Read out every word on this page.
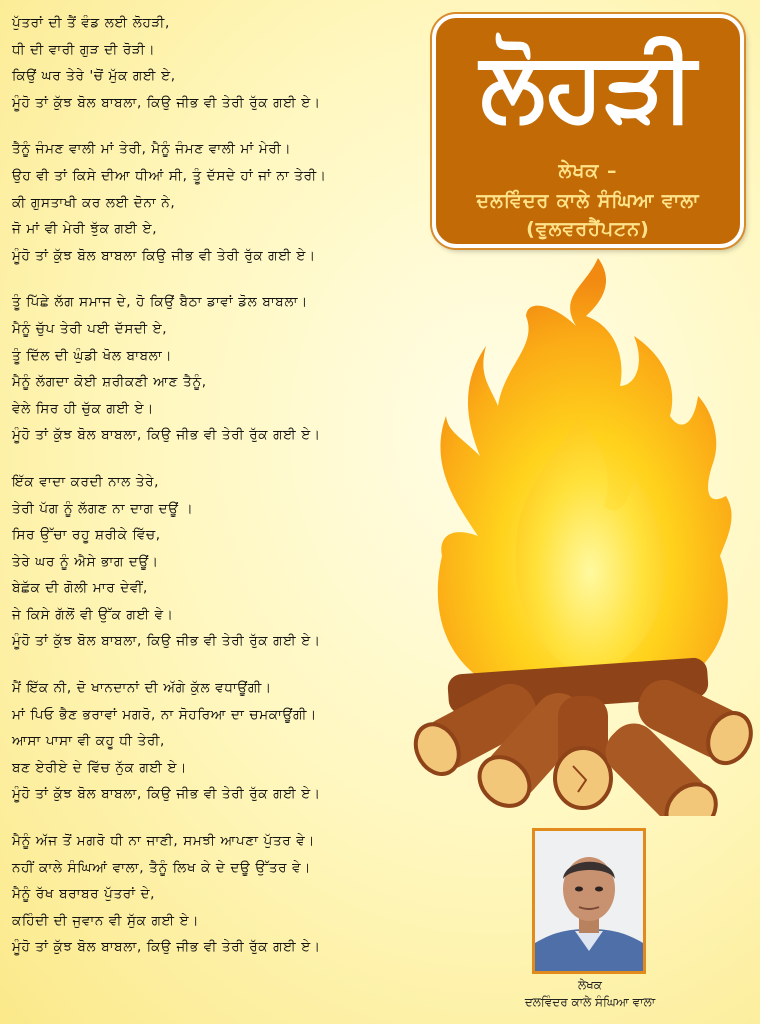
ਪੁੱਤਰਾਂ ਦੀ ਤੈਂ ਵੰਡ ਲਈ ਲੋਹੜੀ,
ਧੀ ਦੀ ਵਾਰੀ ਗੁੜ ਦੀ ਰੋੜੀ।
ਕਿਉਂ ਘਰ ਤੇਰੇ 'ਚੋਂ ਮੁੱਕ ਗਈ ਏ,
ਮੂੰਹੋ ਤਾਂ ਕੁੱਝ ਬੋਲ ਬਾਬਲਾ, ਕਿਉ ਜੀਭ ਵੀ ਤੇਰੀ ਰੁੱਕ ਗਈ ਏ।
ਤੈਨੂੰ ਜੰਮਣ ਵਾਲੀ ਮਾਂ ਤੇਰੀ, ਮੈਨੂੰ ਜੰਮਣ ਵਾਲੀ ਮਾਂ ਮੇਰੀ।
ਉਹ ਵੀ ਤਾਂ ਕਿਸੇ ਦੀਆ ਧੀਆਂ ਸੀ, ਤੂੰ ਦੱਸਦੇ ਹਾਂ ਜਾਂ ਨਾ ਤੇਰੀ।
ਕੀ ਗੁਸਤਾਖੀ ਕਰ ਲਈ ਦੋਨਾ ਨੇ,
ਜੋ ਮਾਂ ਵੀ ਮੇਰੀ ਝੁੱਕ ਗਈ ਏ,
ਮੂੰਹੋ ਤਾਂ ਕੁੱਝ ਬੋਲ ਬਾਬਲਾ ਕਿਉ ਜੀਭ ਵੀ ਤੇਰੀ ਰੁੱਕ ਗਈ ਏ।
ਤੂੰ ਪਿੱਛੇ ਲੱਗ ਸਮਾਜ ਦੇ, ਹੋ ਕਿਉਂ ਬੈਠਾ ਡਾਵਾਂ ਡੋਲ ਬਾਬਲਾ।
ਮੈਨੂੰ ਚੁੱਪ ਤੇਰੀ ਪਈ ਦੱਸਦੀ ਏ,
ਤੂੰ ਦਿੱਲ ਦੀ ਘੁੰਡੀ ਖੋਲ ਬਾਬਲਾ।
ਮੈਨੂੰ ਲੱਗਦਾ ਕੋਈ ਸ਼ਰੀਕਣੀ ਆਣ ਤੈਨੂੰ,
ਵੇਲੇ ਸਿਰ ਹੀ ਚੁੱਕ ਗਈ ਏ।
ਮੂੰਹੋ ਤਾਂ ਕੁੱਝ ਬੋਲ ਬਾਬਲਾ, ਕਿਉ ਜੀਭ ਵੀ ਤੇਰੀ ਰੁੱਕ ਗਈ ਏ।
ਇੱਕ ਵਾਦਾ ਕਰਦੀ ਨਾਲ ਤੇਰੇ,
ਤੇਰੀ ਪੱਗ ਨੂੰ ਲੱਗਣ ਨਾ ਦਾਗ ਦਊਂ ।
ਸਿਰ ਉੱਚਾ ਰਹੂ ਸ਼ਰੀਕੇ ਵਿੱਚ,
ਤੇਰੇ ਘਰ ਨੂੰ ਐਸੇ ਭਾਗ ਦਊਂ।
ਬੇਛੱਕ ਦੀ ਗੋਲੀ ਮਾਰ ਦੇਵੀਂ,
ਜੇ ਕਿਸੇ ਗੱਲੋਂ ਵੀ ਉੱਕ ਗਈ ਵੇ।
ਮੂੰਹੋ ਤਾਂ ਕੁੱਝ ਬੋਲ ਬਾਬਲਾ, ਕਿਉ ਜੀਭ ਵੀ ਤੇਰੀ ਰੁੱਕ ਗਈ ਏ।
ਮੈਂ ਇੱਕ ਨੀ, ਦੋ ਖਾਨਦਾਨਾਂ ਦੀ ਅੱਗੇ ਕੁੱਲ ਵਧਾਊਂਗੀ।
ਮਾਂ ਪਿਓ ਭੈਣ ਭਰਾਵਾਂ ਮਗਰੋ, ਨਾ ਸੋਹਰਿਆ ਦਾ ਚਮਕਾਊਂਗੀ।
ਆਸਾ ਪਾਸਾ ਵੀ ਕਹੂ ਧੀ ਤੇਰੀ,
ਬਣ ਏਰੀਏ ਦੇ ਵਿੱਚ ਨੁੱਕ ਗਈ ਏ।
ਮੂੰਹੋ ਤਾਂ ਕੁੱਝ ਬੋਲ ਬਾਬਲਾ, ਕਿਉ ਜੀਭ ਵੀ ਤੇਰੀ ਰੁੱਕ ਗਈ ਏ।
ਮੈਨੂੰ ਅੱਜ ਤੋਂ ਮਗਰੋ ਧੀ ਨਾ ਜਾਣੀ, ਸਮਝੀ ਆਪਣਾ ਪੁੱਤਰ ਵੇ।
ਨਹੀਂ ਕਾਲੇ ਸੰਘਿਆਂ ਵਾਲਾ, ਤੈਨੂੰ ਲਿਖ ਕੇ ਦੇ ਦਊ ਉੱਤਰ ਵੇ।
ਮੈਨੂੰ ਰੱਖ ਬਰਾਬਰ ਪੁੱਤਰਾਂ ਦੇ,
ਕਹਿੰਦੀ ਦੀ ਜੁਵਾਨ ਵੀ ਸੁੱਕ ਗਈ ਏ।
ਮੂੰਹੋ ਤਾਂ ਕੁੱਝ ਬੋਲ ਬਾਬਲਾ, ਕਿਉ ਜੀਭ ਵੀ ਤੇਰੀ ਰੁੱਕ ਗਈ ਏ।
ਲੋਹੜੀ
ਲੇਖਕ –
ਦਲਵਿੰਦਰ ਕਾਲੇ ਸੰਘਿਆ ਵਾਲਾ
(ਵੁਲਵਰਹੈਂਪਟਨ)
ਲੇਖਕ
ਦਲਵਿੰਦਰ ਕਾਲੇ ਸੰਘਿਆ ਵਾਲਾ
